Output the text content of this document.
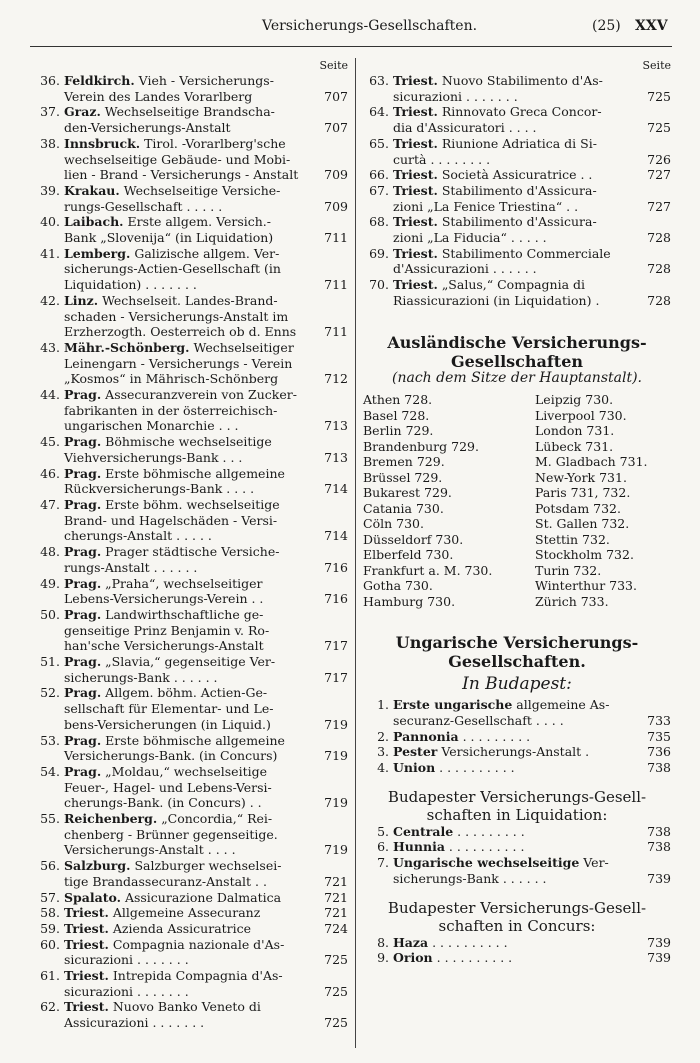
Versicherungs-Gesellschaften.	(25) XXV
Seite
36. Feldkirch. Vieh - Versicherungs-
Verein des Landes Vorarlberg	707
37. Graz. Wechselseitige Brandscha-
den-Versicherungs-Anstalt	707
38. Innsbruck. Tirol. -Vorarlberg'sche
wechselseitige Gebäude- und Mobi-
lien - Brand - Versicherungs - Anstalt 709
39. Krakau. Wechselseitige Versiche-
rungs-Gesellschaft . . . . .	709
40. Laibach. Erste allgem. Versich.-
Bank „Slovenija“ (in Liquidation)	711
41. Lemberg. Galizische allgem. Ver-
sicherungs-Actien-Gesellschaft (in
Liquidation) . . . . . . .	711
42. Linz. Wechselseit. Landes-Brand-
schaden - Versicherungs-Anstalt im
Erzherzogth. Oesterreich ob d. Enns 711
43. Mähr.-Schönberg. Wechselseitiger
Leinengarn - Versicherungs - Verein
„Kosmos“ in Mährisch-Schönberg	712
44. Prag. Assecuranzverein von Zucker-
fabrikanten in der österreichisch-
ungarischen Monarchie . . .	713
45. Prag. Böhmische wechselseitige
Viehversicherungs-Bank . . .	713
46. Prag. Erste böhmische allgemeine
Rückversicherungs-Bank . . . .	714
47. Prag. Erste böhm. wechselseitige
Brand- und Hagelschäden - Versi-
cherungs-Anstalt . . . . .	714
48. Prag. Prager städtische Versiche-
rungs-Anstalt . . . . . .	716
49. Prag. „Praha“, wechselseitiger
Lebens-Versicherungs-Verein . .	716
50. Prag. Landwirthschaftliche ge-
genseitige Prinz Benjamin v. Ro-
han'sche Versicherungs-Anstalt	717
51. Prag. „Slavia,“ gegenseitige Ver-
sicherungs-Bank . . . . . .	717
52. Prag. Allgem. böhm. Actien-Ge-
sellschaft für Elementar- und Le-
bens-Versicherungen (in Liquid.)	719
53. Prag. Erste böhmische allgemeine
Versicherungs-Bank. (in Concurs)	719
54. Prag. „Moldau,“ wechselseitige
Feuer-, Hagel- und Lebens-Versi-
cherungs-Bank. (in Concurs) . .	719
55. Reichenberg. „Concordia,“ Rei-
chenberg - Brünner gegenseitige.
Versicherungs-Anstalt . . . .	719
56. Salzburg. Salzburger wechselsei-
tige Brandassecuranz-Anstalt . .	721
57. Spalato. Assicurazione Dalmatica	721
58. Triest. Allgemeine Assecuranz	721
59. Triest. Azienda Assicuratrice	724
60. Triest. Compagnia nazionale d'As-
sicurazioni . . . . . . .	725
61. Triest. Intrepida Compagnia d'As-
sicurazioni . . . . . . .	725
62. Triest. Nuovo Banko Veneto di
Assicurazioni . . . . . . .	725
Seite
63. Triest. Nuovo Stabilimento d'As-
sicurazioni . . . . . . .	725
64. Triest. Rinnovato Greca Concor-
dia d'Assicuratori . . . .	725
65. Triest. Riunione Adriatica di Si-
curtà . . . . . . . .	726
66. Triest. Società Assicuratrice . .	727
67. Triest. Stabilimento d'Assicura-
zioni „La Fenice Triestina“ . .	727
68. Triest. Stabilimento d'Assicura-
zioni „La Fiducia“ . . . . .	728
69. Triest. Stabilimento Commerciale
d'Assicurazioni . . . . . .	728
70. Triest. „Salus,“ Compagnia di
Riassicurazioni (in Liquidation) .	728
Ausländische Versicherungs-
Gesellschaften
(nach dem Sitze der Hauptanstalt).
Athen 728.	Leipzig 730.
Basel 728.	Liverpool 730.
Berlin 729.	London 731.
Brandenburg 729.	Lübeck 731.
Bremen 729.	M. Gladbach 731.
Brüssel 729.	New-York 731.
Bukarest 729.	Paris 731, 732.
Catania 730.	Potsdam 732.
Cöln 730.	St. Gallen 732.
Düsseldorf 730.	Stettin 732.
Elberfeld 730.	Stockholm 732.
Frankfurt a. M. 730.	Turin 732.
Gotha 730.	Winterthur 733.
Hamburg 730.	Zürich 733.
Ungarische Versicherungs-
Gesellschaften.
In Budapest:
1. Erste ungarische allgemeine As-
securanz-Gesellschaft . . . .	733
2. Pannonia . . . . . . . . .	735
3. Pester Versicherungs-Anstalt .	736
4. Union . . . . . . . . . .	738
Budapester Versicherungs-Gesell-
schaften in Liquidation:
5. Centrale . . . . . . . . .	738
6. Hunnia . . . . . . . . . .	738
7. Ungarische wechselseitige Ver-
sicherungs-Bank . . . . . .	739
Budapester Versicherungs-Gesell-
schaften in Concurs:
8. Haza . . . . . . . . . .	739
9. Orion . . . . . . . . . .	739
